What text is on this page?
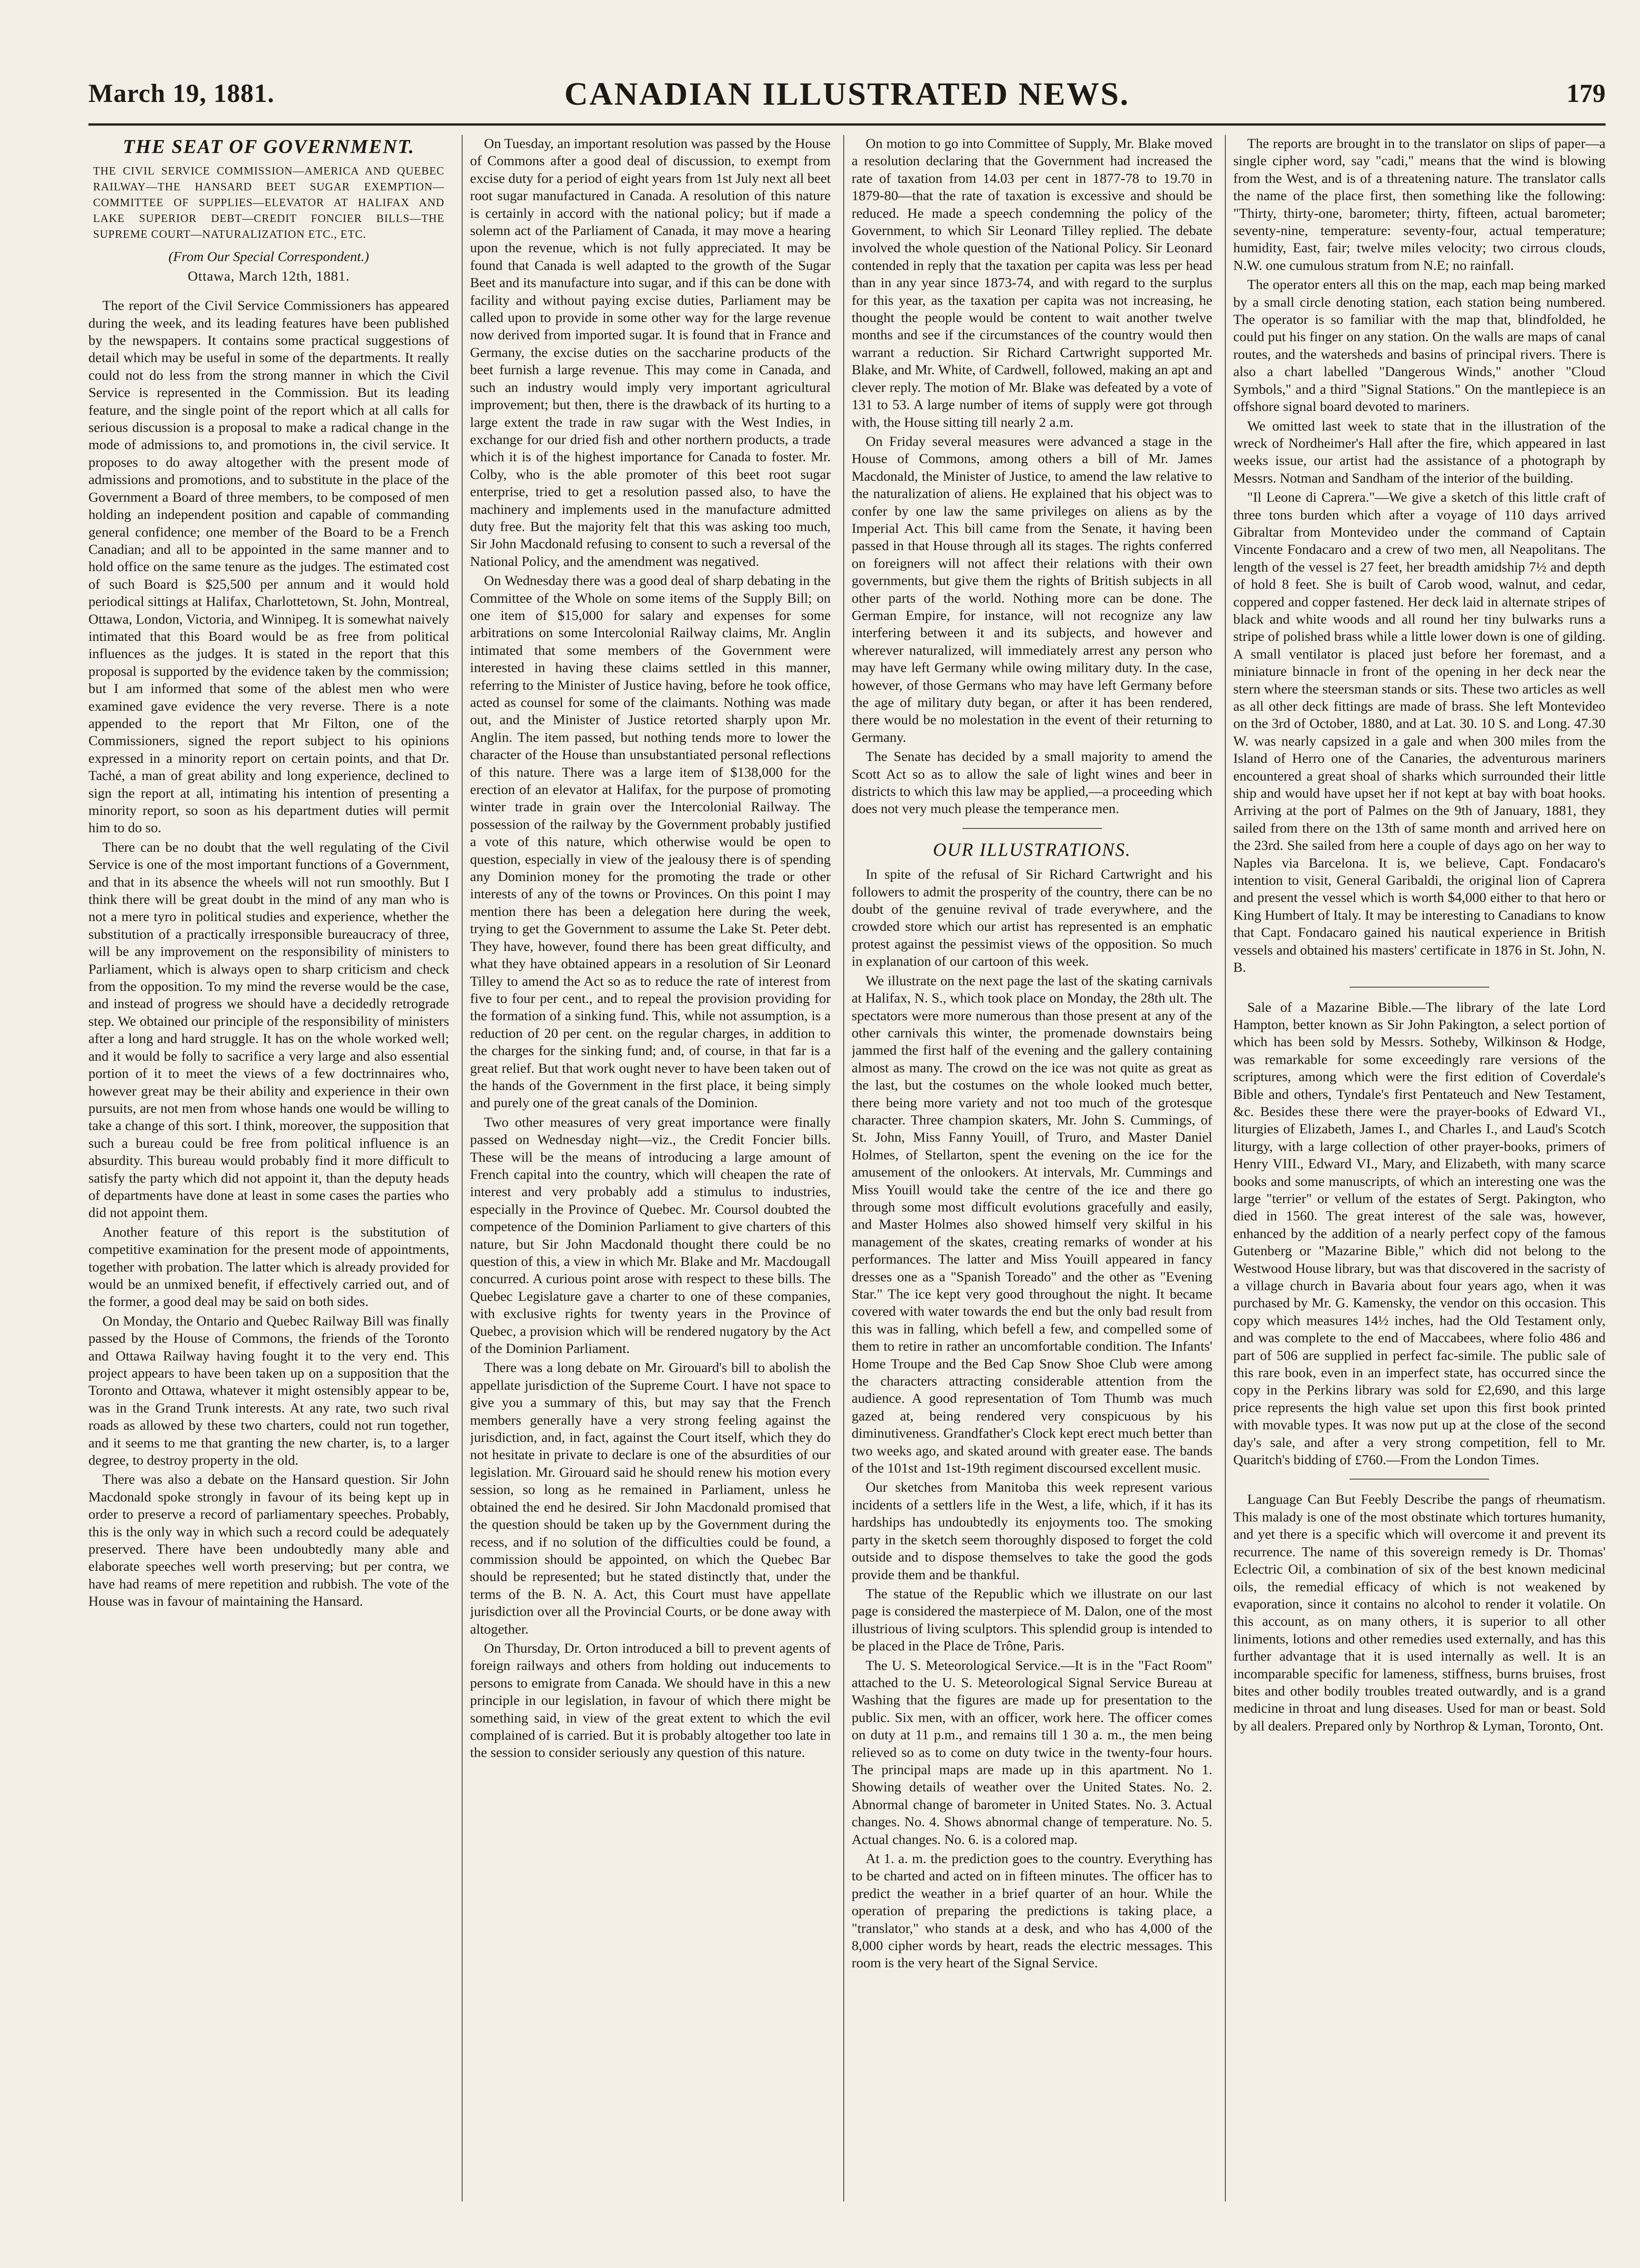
March 19, 1881.	CANADIAN ILLUSTRATED NEWS.	179
THE SEAT OF GOVERNMENT.

THE CIVIL SERVICE COMMISSION—AMERICA AND QUEBEC RAILWAY—THE HANSARD BEET SUGAR EXEMPTION—COMMITTEE OF SUPPLIES—ELEVATOR AT HALIFAX AND LAKE SUPERIOR DEBT—CREDIT FONCIER BILLS—THE SUPREME COURT—NATURALIZATION ETC., ETC.

(From Our Special Correspondent.)

Ottawa, March 12th, 1881.

The report of the Civil Service Commissioners has appeared during the week, and its leading features have been published by the newspapers. It contains some practical suggestions of detail which may be useful in some of the departments. It really could not do less from the strong manner in which the Civil Service is represented in the Commission. But its leading feature, and the single point of the report which at all calls for serious discussion is a proposal to make a radical change in the mode of admissions to, and promotions in, the civil service. It proposes to do away altogether with the present mode of admissions and promotions, and to substitute in the place of the Government a Board of three members, to be composed of men holding an independent position and capable of commanding general confidence; one member of the Board to be a French Canadian; and all to be appointed in the same manner and to hold office on the same tenure as the judges. The estimated cost of such Board is $25,500 per annum and it would hold periodical sittings at Halifax, Charlottetown, St. John, Montreal, Ottawa, London, Victoria, and Winnipeg. It is somewhat naively intimated that this Board would be as free from political influences as the judges. It is stated in the report that this proposal is supported by the evidence taken by the commission; but I am informed that some of the ablest men who were examined gave evidence the very reverse. There is a note appended to the report that Mr Filton, one of the Commissioners, signed the report subject to his opinions expressed in a minority report on certain points, and that Dr. Taché, a man of great ability and long experience, declined to sign the report at all, intimating his intention of presenting a minority report, so soon as his department duties will permit him to do so.

There can be no doubt that the well regulating of the Civil Service is one of the most important functions of a Government, and that in its absence the wheels will not run smoothly. But I think there will be great doubt in the mind of any man who is not a mere tyro in political studies and experience, whether the substitution of a practically irresponsible bureaucracy of three, will be any improvement on the responsibility of ministers to Parliament, which is always open to sharp criticism and check from the opposition. To my mind the reverse would be the case, and instead of progress we should have a decidedly retrograde step. We obtained our principle of the responsibility of ministers after a long and hard struggle. It has on the whole worked well; and it would be folly to sacrifice a very large and also essential portion of it to meet the views of a few doctrinnaires who, however great may be their ability and experience in their own pursuits, are not men from whose hands one would be willing to take a change of this sort. I think, moreover, the supposition that such a bureau could be free from political influence is an absurdity. This bureau would probably find it more difficult to satisfy the party which did not appoint it, than the deputy heads of departments have done at least in some cases the parties who did not appoint them.

Another feature of this report is the substitution of competitive examination for the present mode of appointments, together with probation. The latter which is already provided for would be an unmixed benefit, if effectively carried out, and of the former, a good deal may be said on both sides.

On Monday, the Ontario and Quebec Railway Bill was finally passed by the House of Commons, the friends of the Toronto and Ottawa Railway having fought it to the very end. This project appears to have been taken up on a supposition that the Toronto and Ottawa, whatever it might ostensibly appear to be, was in the Grand Trunk interests. At any rate, two such rival roads as allowed by these two charters, could not run together, and it seems to me that granting the new charter, is, to a larger degree, to destroy property in the old.

There was also a debate on the Hansard question. Sir John Macdonald spoke strongly in favour of its being kept up in order to preserve a record of parliamentary speeches. Probably, this is the only way in which such a record could be adequately preserved. There have been undoubtedly many able and elaborate speeches well worth preserving; but per contra, we have had reams of mere repetition and rubbish. The vote of the House was in favour of maintaining the Hansard.

On Tuesday, an important resolution was passed by the House of Commons after a good deal of discussion, to exempt from excise duty for a period of eight years from 1st July next all beet root sugar manufactured in Canada. A resolution of this nature is certainly in accord with the national policy; but if made a solemn act of the Parliament of Canada, it may move a hearing upon the revenue, which is not fully appreciated. It may be found that Canada is well adapted to the growth of the Sugar Beet and its manufacture into sugar, and if this can be done with facility and without paying excise duties, Parliament may be called upon to provide in some other way for the large revenue now derived from imported sugar. It is found that in France and Germany, the excise duties on the saccharine products of the beet furnish a large revenue. This may come in Canada, and such an industry would imply very important agricultural improvement; but then, there is the drawback of its hurting to a large extent the trade in raw sugar with the West Indies, in exchange for our dried fish and other northern products, a trade which it is of the highest importance for Canada to foster. Mr. Colby, who is the able promoter of this beet root sugar enterprise, tried to get a resolution passed also, to have the machinery and implements used in the manufacture admitted duty free. But the majority felt that this was asking too much, Sir John Macdonald refusing to consent to such a reversal of the National Policy, and the amendment was negatived.

On Wednesday there was a good deal of sharp debating in the Committee of the Whole on some items of the Supply Bill; on one item of $15,000 for salary and expenses for some arbitrations on some Intercolonial Railway claims, Mr. Anglin intimated that some members of the Government were interested in having these claims settled in this manner, referring to the Minister of Justice having, before he took office, acted as counsel for some of the claimants. Nothing was made out, and the Minister of Justice retorted sharply upon Mr. Anglin. The item passed, but nothing tends more to lower the character of the House than unsubstantiated personal reflections of this nature. There was a large item of $138,000 for the erection of an elevator at Halifax, for the purpose of promoting winter trade in grain over the Intercolonial Railway. The possession of the railway by the Government probably justified a vote of this nature, which otherwise would be open to question, especially in view of the jealousy there is of spending any Dominion money for the promoting the trade or other interests of any of the towns or Provinces. On this point I may mention there has been a delegation here during the week, trying to get the Government to assume the Lake St. Peter debt. They have, however, found there has been great difficulty, and what they have obtained appears in a resolution of Sir Leonard Tilley to amend the Act so as to reduce the rate of interest from five to four per cent., and to repeal the provision providing for the formation of a sinking fund. This, while not assumption, is a reduction of 20 per cent. on the regular charges, in addition to the charges for the sinking fund; and, of course, in that far is a great relief. But that work ought never to have been taken out of the hands of the Government in the first place, it being simply and purely one of the great canals of the Dominion.

Two other measures of very great importance were finally passed on Wednesday night—viz., the Credit Foncier bills. These will be the means of introducing a large amount of French capital into the country, which will cheapen the rate of interest and very probably add a stimulus to industries, especially in the Province of Quebec. Mr. Coursol doubted the competence of the Dominion Parliament to give charters of this nature, but Sir John Macdonald thought there could be no question of this, a view in which Mr. Blake and Mr. Macdougall concurred. A curious point arose with respect to these bills. The Quebec Legislature gave a charter to one of these companies, with exclusive rights for twenty years in the Province of Quebec, a provision which will be rendered nugatory by the Act of the Dominion Parliament.

There was a long debate on Mr. Girouard's bill to abolish the appellate jurisdiction of the Supreme Court. I have not space to give you a summary of this, but may say that the French members generally have a very strong feeling against the jurisdiction, and, in fact, against the Court itself, which they do not hesitate in private to declare is one of the absurdities of our legislation. Mr. Girouard said he should renew his motion every session, so long as he remained in Parliament, unless he obtained the end he desired. Sir John Macdonald promised that the question should be taken up by the Government during the recess, and if no solution of the difficulties could be found, a commission should be appointed, on which the Quebec Bar should be represented; but he stated distinctly that, under the terms of the B. N. A. Act, this Court must have appellate jurisdiction over all the Provincial Courts, or be done away with altogether.

On Thursday, Dr. Orton introduced a bill to prevent agents of foreign railways and others from holding out inducements to persons to emigrate from Canada. We should have in this a new principle in our legislation, in favour of which there might be something said, in view of the great extent to which the evil complained of is carried. But it is probably altogether too late in the session to consider seriously any question of this nature.

On motion to go into Committee of Supply, Mr. Blake moved a resolution declaring that the Government had increased the rate of taxation from 14.03 per cent in 1877-78 to 19.70 in 1879-80—that the rate of taxation is excessive and should be reduced. He made a speech condemning the policy of the Government, to which Sir Leonard Tilley replied. The debate involved the whole question of the National Policy. Sir Leonard contended in reply that the taxation per capita was less per head than in any year since 1873-74, and with regard to the surplus for this year, as the taxation per capita was not increasing, he thought the people would be content to wait another twelve months and see if the circumstances of the country would then warrant a reduction. Sir Richard Cartwright supported Mr. Blake, and Mr. White, of Cardwell, followed, making an apt and clever reply. The motion of Mr. Blake was defeated by a vote of 131 to 53. A large number of items of supply were got through with, the House sitting till nearly 2 a.m.

On Friday several measures were advanced a stage in the House of Commons, among others a bill of Mr. James Macdonald, the Minister of Justice, to amend the law relative to the naturalization of aliens. He explained that his object was to confer by one law the same privileges on aliens as by the Imperial Act. This bill came from the Senate, it having been passed in that House through all its stages. The rights conferred on foreigners will not affect their relations with their own governments, but give them the rights of British subjects in all other parts of the world. Nothing more can be done. The German Empire, for instance, will not recognize any law interfering between it and its subjects, and however and wherever naturalized, will immediately arrest any person who may have left Germany while owing military duty. In the case, however, of those Germans who may have left Germany before the age of military duty began, or after it has been rendered, there would be no molestation in the event of their returning to Germany.

The Senate has decided by a small majority to amend the Scott Act so as to allow the sale of light wines and beer in districts to which this law may be applied,—a proceeding which does not very much please the temperance men.

OUR ILLUSTRATIONS.

In spite of the refusal of Sir Richard Cartwright and his followers to admit the prosperity of the country, there can be no doubt of the genuine revival of trade everywhere, and the crowded store which our artist has represented is an emphatic protest against the pessimist views of the opposition. So much in explanation of our cartoon of this week.

We illustrate on the next page the last of the skating carnivals at Halifax, N. S., which took place on Monday, the 28th ult. The spectators were more numerous than those present at any of the other carnivals this winter, the promenade downstairs being jammed the first half of the evening and the gallery containing almost as many. The crowd on the ice was not quite as great as the last, but the costumes on the whole looked much better, there being more variety and not too much of the grotesque character. Three champion skaters, Mr. John S. Cummings, of St. John, Miss Fanny Youill, of Truro, and Master Daniel Holmes, of Stellarton, spent the evening on the ice for the amusement of the onlookers. At intervals, Mr. Cummings and Miss Youill would take the centre of the ice and there go through some most difficult evolutions gracefully and easily, and Master Holmes also showed himself very skilful in his management of the skates, creating remarks of wonder at his performances. The latter and Miss Youill appeared in fancy dresses one as a "Spanish Toreado" and the other as "Evening Star." The ice kept very good throughout the night. It became covered with water towards the end but the only bad result from this was in falling, which befell a few, and compelled some of them to retire in rather an uncomfortable condition. The Infants' Home Troupe and the Bed Cap Snow Shoe Club were among the characters attracting considerable attention from the audience. A good representation of Tom Thumb was much gazed at, being rendered very conspicuous by his diminutiveness. Grandfather's Clock kept erect much better than two weeks ago, and skated around with greater ease. The bands of the 101st and 1st-19th regiment discoursed excellent music.

Our sketches from Manitoba this week represent various incidents of a settlers life in the West, a life, which, if it has its hardships has undoubtedly its enjoyments too. The smoking party in the sketch seem thoroughly disposed to forget the cold outside and to dispose themselves to take the good the gods provide them and be thankful.

The statue of the Republic which we illustrate on our last page is considered the masterpiece of M. Dalon, one of the most illustrious of living sculptors. This splendid group is intended to be placed in the Place de Trône, Paris.

The U. S. Meteorological Service.—It is in the "Fact Room" attached to the U. S. Meteorological Signal Service Bureau at Washing that the figures are made up for presentation to the public. Six men, with an officer, work here. The officer comes on duty at 11 p.m., and remains till 1 30 a. m., the men being relieved so as to come on duty twice in the twenty-four hours. The principal maps are made up in this apartment. No 1. Showing details of weather over the United States. No. 2. Abnormal change of barometer in United States. No. 3. Actual changes. No. 4. Shows abnormal change of temperature. No. 5. Actual changes. No. 6. is a colored map.

At 1. a. m. the prediction goes to the country. Everything has to be charted and acted on in fifteen minutes. The officer has to predict the weather in a brief quarter of an hour. While the operation of preparing the predictions is taking place, a "translator," who stands at a desk, and who has 4,000 of the 8,000 cipher words by heart, reads the electric messages. This room is the very heart of the Signal Service.

The reports are brought in to the translator on slips of paper—a single cipher word, say "cadi," means that the wind is blowing from the West, and is of a threatening nature. The translator calls the name of the place first, then something like the following: "Thirty, thirty-one, barometer; thirty, fifteen, actual barometer; seventy-nine, temperature: seventy-four, actual temperature; humidity, East, fair; twelve miles velocity; two cirrous clouds, N.W. one cumulous stratum from N.E; no rainfall.

The operator enters all this on the map, each map being marked by a small circle denoting station, each station being numbered. The operator is so familiar with the map that, blindfolded, he could put his finger on any station. On the walls are maps of canal routes, and the watersheds and basins of principal rivers. There is also a chart labelled "Dangerous Winds," another "Cloud Symbols," and a third "Signal Stations." On the mantlepiece is an offshore signal board devoted to mariners.

We omitted last week to state that in the illustration of the wreck of Nordheimer's Hall after the fire, which appeared in last weeks issue, our artist had the assistance of a photograph by Messrs. Notman and Sandham of the interior of the building.

"Il Leone di Caprera."—We give a sketch of this little craft of three tons burden which after a voyage of 110 days arrived Gibraltar from Montevideo under the command of Captain Vincente Fondacaro and a crew of two men, all Neapolitans. The length of the vessel is 27 feet, her breadth amidship 7½ and depth of hold 8 feet. She is built of Carob wood, walnut, and cedar, coppered and copper fastened. Her deck laid in alternate stripes of black and white woods and all round her tiny bulwarks runs a stripe of polished brass while a little lower down is one of gilding. A small ventilator is placed just before her foremast, and a miniature binnacle in front of the opening in her deck near the stern where the steersman stands or sits. These two articles as well as all other deck fittings are made of brass. She left Montevideo on the 3rd of October, 1880, and at Lat. 30. 10 S. and Long. 47.30 W. was nearly capsized in a gale and when 300 miles from the Island of Herro one of the Canaries, the adventurous mariners encountered a great shoal of sharks which surrounded their little ship and would have upset her if not kept at bay with boat hooks. Arriving at the port of Palmes on the 9th of January, 1881, they sailed from there on the 13th of same month and arrived here on the 23rd. She sailed from here a couple of days ago on her way to Naples via Barcelona. It is, we believe, Capt. Fondacaro's intention to visit, General Garibaldi, the original lion of Caprera and present the vessel which is worth $4,000 either to that hero or King Humbert of Italy. It may be interesting to Canadians to know that Capt. Fondacaro gained his nautical experience in British vessels and obtained his masters' certificate in 1876 in St. John, N. B.

Sale of a Mazarine Bible.—The library of the late Lord Hampton, better known as Sir John Pakington, a select portion of which has been sold by Messrs. Sotheby, Wilkinson & Hodge, was remarkable for some exceedingly rare versions of the scriptures, among which were the first edition of Coverdale's Bible and others, Tyndale's first Pentateuch and New Testament, &c. Besides these there were the prayer-books of Edward VI., liturgies of Elizabeth, James I., and Charles I., and Laud's Scotch liturgy, with a large collection of other prayer-books, primers of Henry VIII., Edward VI., Mary, and Elizabeth, with many scarce books and some manuscripts, of which an interesting one was the large "terrier" or vellum of the estates of Sergt. Pakington, who died in 1560. The great interest of the sale was, however, enhanced by the addition of a nearly perfect copy of the famous Gutenberg or "Mazarine Bible," which did not belong to the Westwood House library, but was that discovered in the sacristy of a village church in Bavaria about four years ago, when it was purchased by Mr. G. Kamensky, the vendor on this occasion. This copy which measures 14½ inches, had the Old Testament only, and was complete to the end of Maccabees, where folio 486 and part of 506 are supplied in perfect fac-simile. The public sale of this rare book, even in an imperfect state, has occurred since the copy in the Perkins library was sold for £2,690, and this large price represents the high value set upon this first book printed with movable types. It was now put up at the close of the second day's sale, and after a very strong competition, fell to Mr. Quaritch's bidding of £760.—From the London Times.

Language Can But Feebly Describe the pangs of rheumatism. This malady is one of the most obstinate which tortures humanity, and yet there is a specific which will overcome it and prevent its recurrence. The name of this sovereign remedy is Dr. Thomas' Eclectric Oil, a combination of six of the best known medicinal oils, the remedial efficacy of which is not weakened by evaporation, since it contains no alcohol to render it volatile. On this account, as on many others, it is superior to all other liniments, lotions and other remedies used externally, and has this further advantage that it is used internally as well. It is an incomparable specific for lameness, stiffness, burns bruises, frost bites and other bodily troubles treated outwardly, and is a grand medicine in throat and lung diseases. Used for man or beast. Sold by all dealers. Prepared only by Northrop & Lyman, Toronto, Ont.
